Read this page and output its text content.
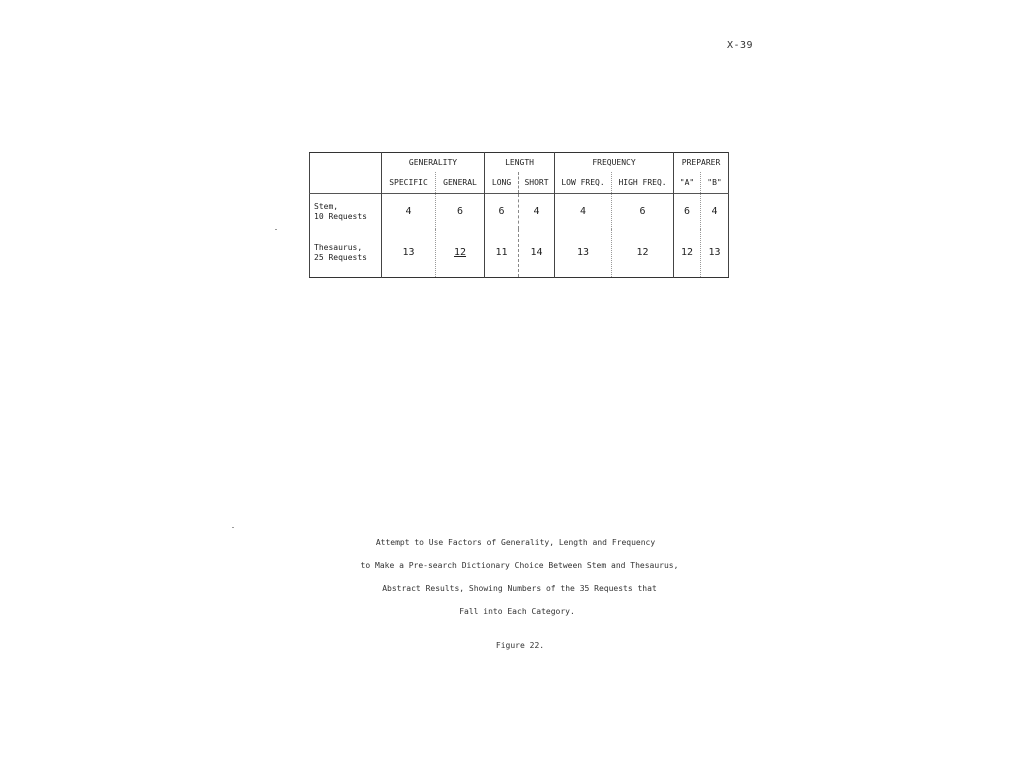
X-39
	GENERALITY		LENGTH		FREQUENCY		PREPARER	
	SPECIFIC	GENERAL	LONG	SHORT	LOW FREQ.	HIGH FREQ.	"A"	"B"
Stem,
10 Requests	4	6	6	4	4	6	6	4
Thesaurus,
25 Requests	13	12	11	14	13	12	12	13
Attempt to Use Factors of Generality, Length and Frequency
to Make a Pre-search Dictionary Choice Between Stem and Thesaurus,
Abstract Results, Showing Numbers of the 35 Requests that
Fall into Each Category.
Figure 22.
